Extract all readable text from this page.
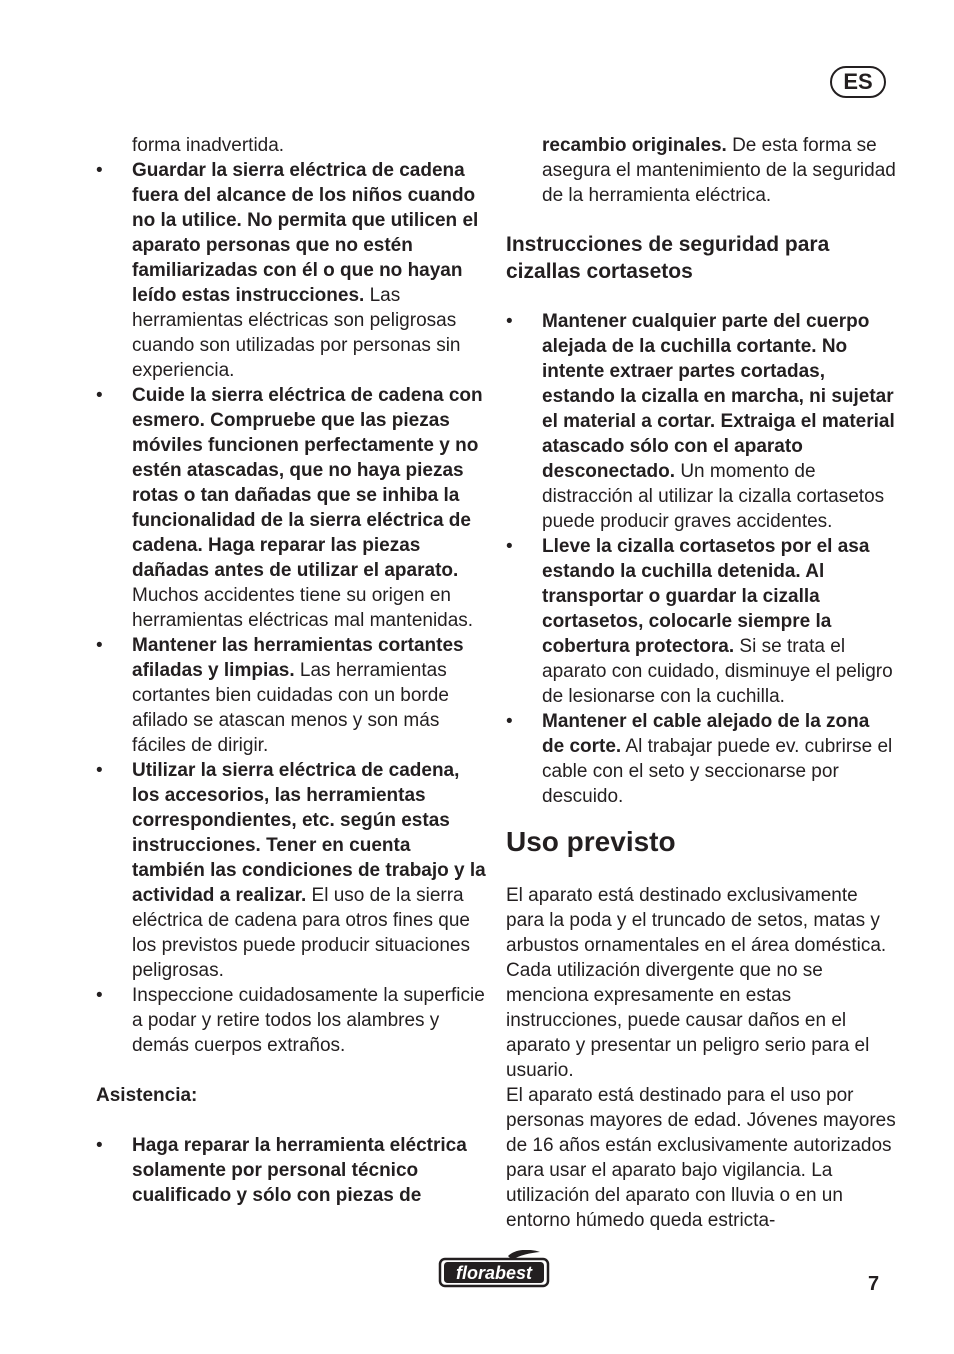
ES

forma inadvertida.

• Guardar la sierra eléctrica de cadena fuera del alcance de los niños cuando no la utilice. No permita que utilicen el aparato personas que no estén familiarizadas con él o que no hayan leído estas instrucciones. Las herramientas eléctricas son peligrosas cuando son utilizadas por personas sin experiencia.
• Cuide la sierra eléctrica de cadena con esmero. Compruebe que las piezas móviles funcionen perfectamente y no estén atascadas, que no haya piezas rotas o tan dañadas que se inhiba la funcionalidad de la sierra eléctrica de cadena. Haga reparar las piezas dañadas antes de utilizar el aparato. Muchos accidentes tiene su origen en herramientas eléctricas mal mantenidas.
• Mantener las herramientas cortantes afiladas y limpias. Las herramientas cortantes bien cuidadas con un borde afilado se atascan menos y son más fáciles de dirigir.
• Utilizar la sierra eléctrica de cadena, los accesorios, las herramientas correspondientes, etc. según estas instrucciones. Tener en cuenta también las condiciones de trabajo y la actividad a realizar. El uso de la sierra eléctrica de cadena para otros fines que los previstos puede producir situaciones peligrosas.
• Inspeccione cuidadosamente la superficie a podar y retire todos los alambres y demás cuerpos extraños.

Asistencia:

• Haga reparar la herramienta eléctrica solamente por personal técnico cualificado y sólo con piezas de

recambio originales. De esta forma se asegura el mantenimiento de la seguridad de la herramienta eléctrica.

Instrucciones de seguridad para cizallas cortasetos
• Mantener cualquier parte del cuerpo alejada de la cuchilla cortante. No intente extraer partes cortadas, estando la cizalla en marcha, ni sujetar el material a cortar. Extraiga el material atascado sólo con el aparato desconectado. Un momento de distracción al utilizar la cizalla cortasetos puede producir graves accidentes.
• Lleve la cizalla cortasetos por el asa estando la cuchilla detenida. Al transportar o guardar la cizalla cortasetos, colocarle siempre la cobertura protectora. Si se trata el aparato con cuidado, disminuye el peligro de lesionarse con la cuchilla.
• Mantener el cable alejado de la zona de corte. Al trabajar puede ev. cubrirse el cable con el seto y seccionarse por descuido.
Uso previsto

El aparato está destinado exclusivamente para la poda y el truncado de setos, matas y arbustos ornamentales en el área doméstica. Cada utilización divergente que no se menciona expresamente en estas instrucciones, puede causar daños en el aparato y presentar un peligro serio para el usuario.

El aparato está destinado para el uso por personas mayores de edad. Jóvenes mayores de 16 años están exclusivamente autorizados para usar el aparato bajo vigilancia. La utilización del aparato con lluvia o en un entorno húmedo queda estricta-

florabest	7
